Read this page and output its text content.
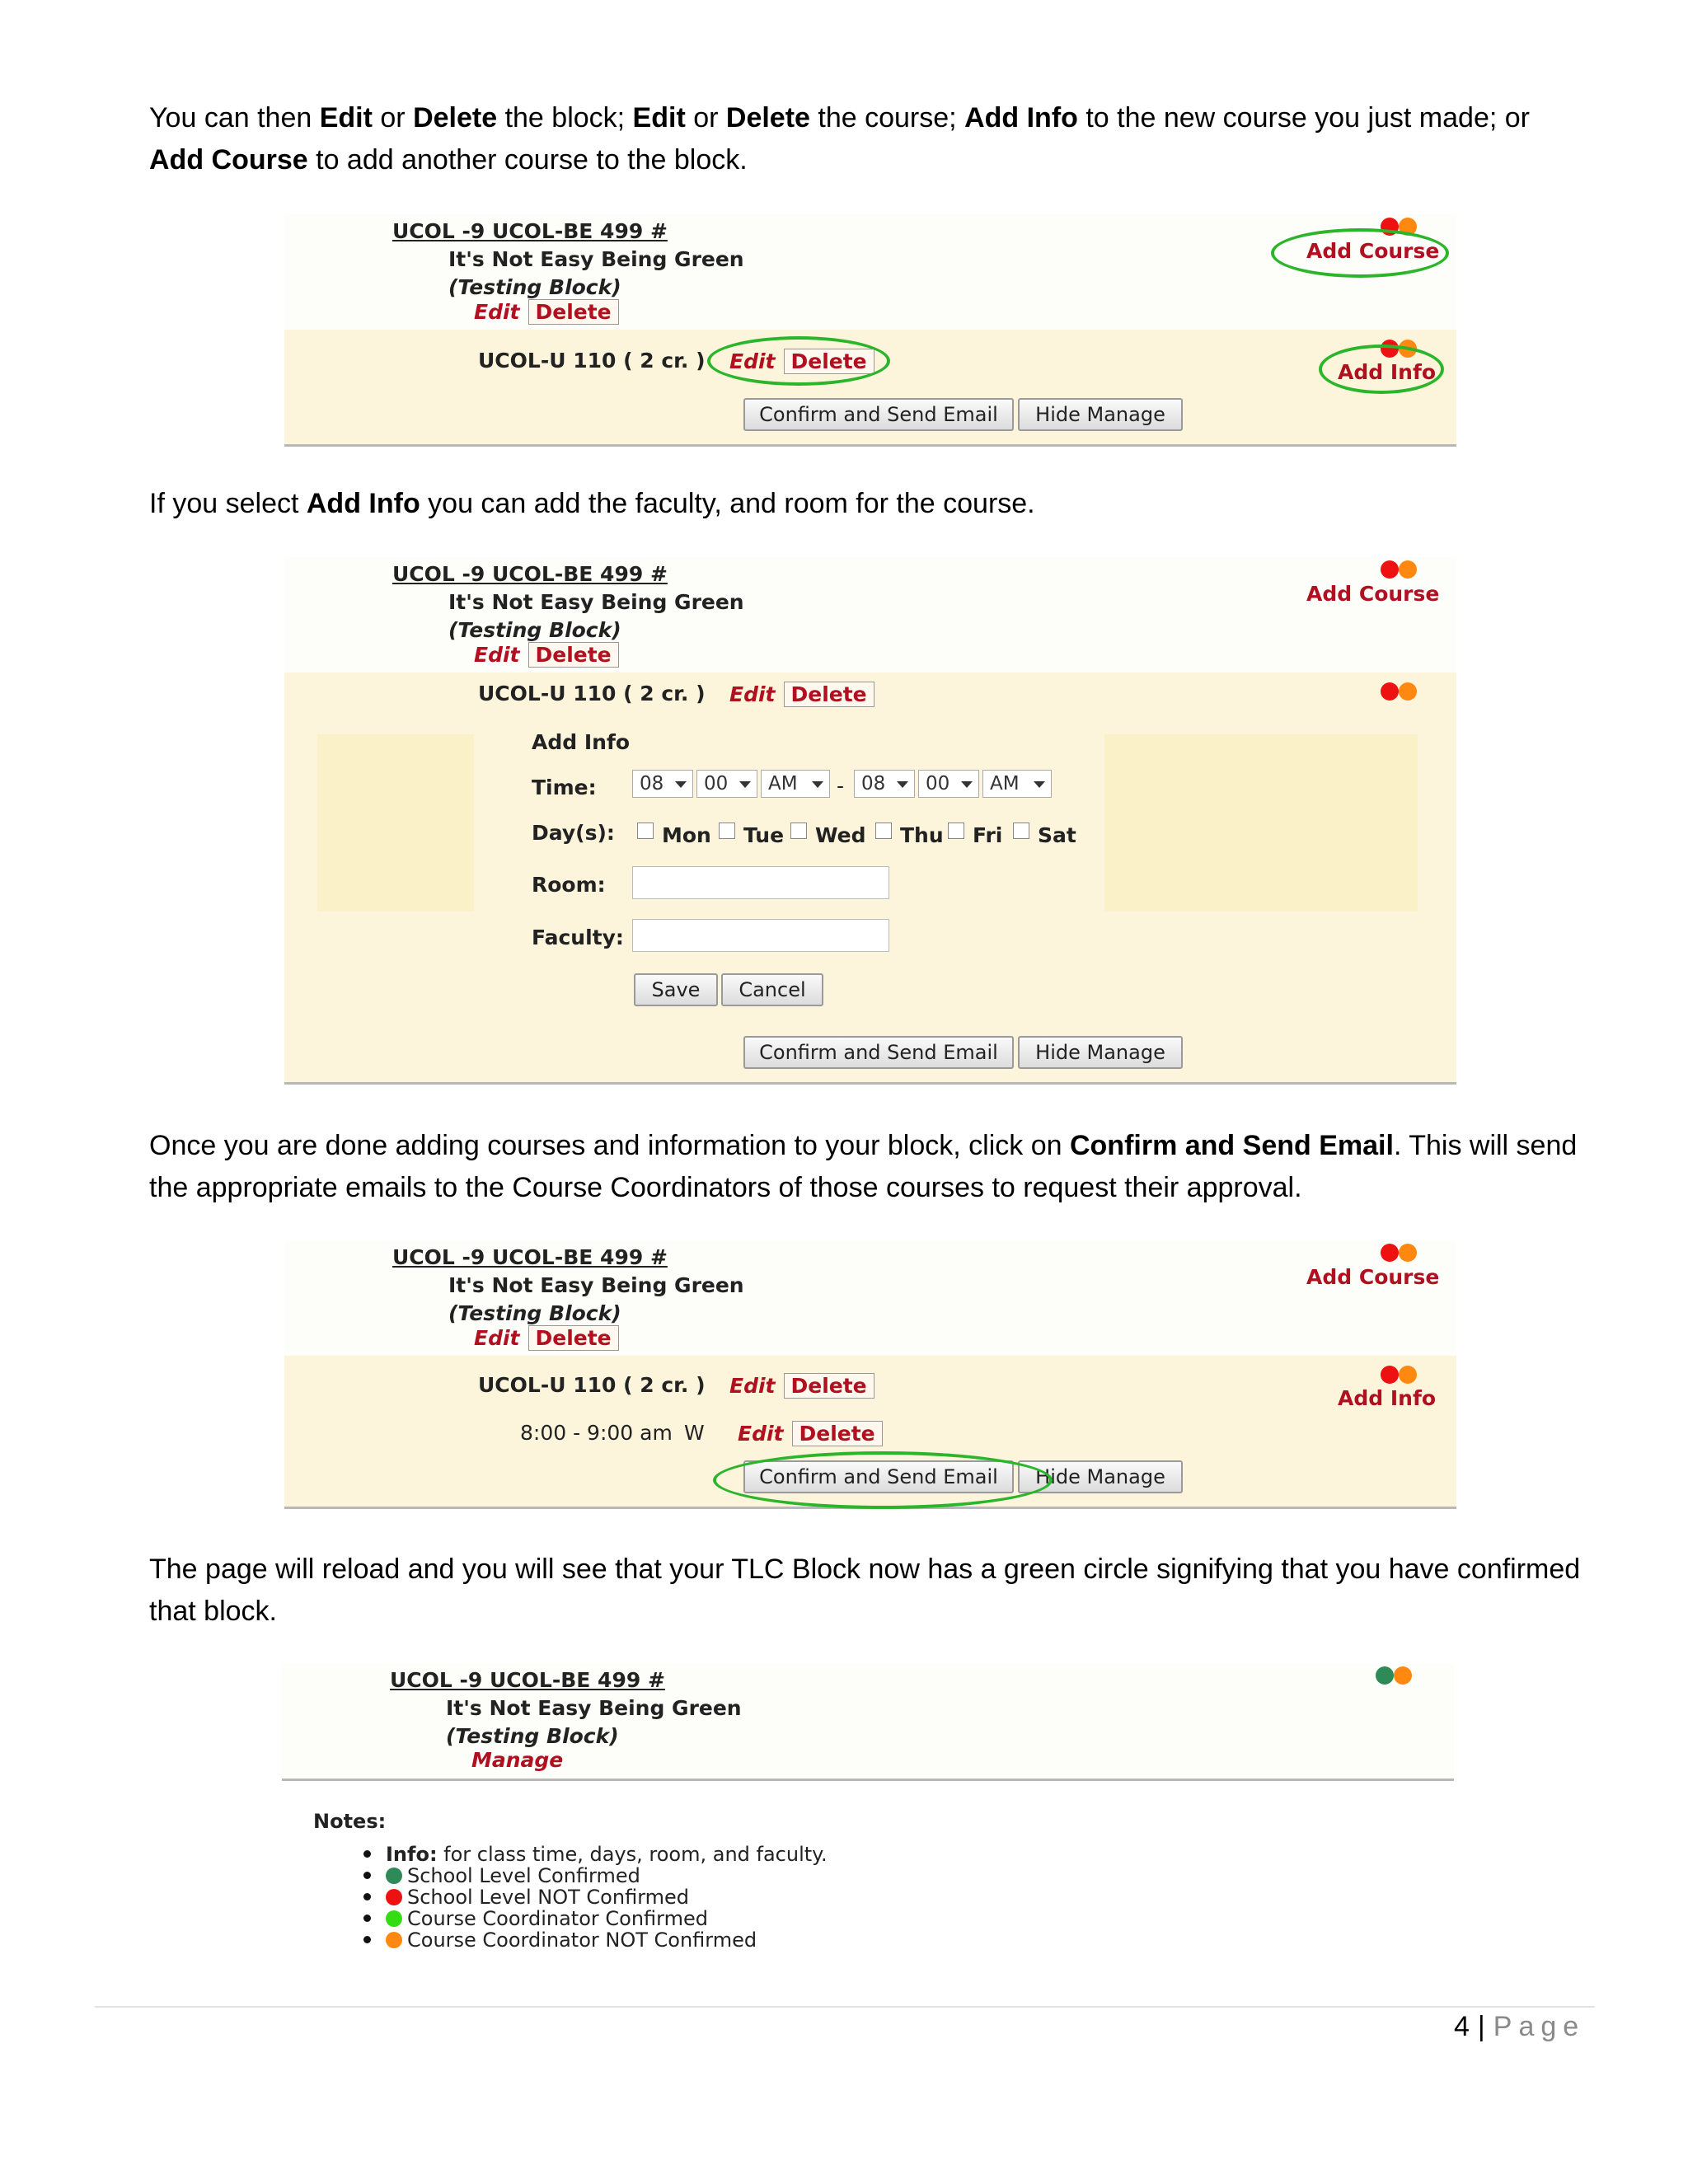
You can then Edit or Delete the block; Edit or Delete the course; Add Info to the new course you just made; or Add Course to add another course to the block.

UCOL -9 UCOL-BE 499 #
It's Not Easy Being Green
(Testing Block)
Edit Delete
Add Course
UCOL-U 110 ( 2 cr. ) Edit Delete	Add Info
Confirm and Send Email	Hide Manage

If you select Add Info you can add the faculty, and room for the course.

UCOL -9 UCOL-BE 499 #
It's Not Easy Being Green
(Testing Block)
Edit Delete
Add Course
UCOL-U 110 ( 2 cr. ) Edit Delete
Add Info
Time: 08 00 AM - 08 00 AM
Day(s): Mon Tue Wed Thu Fri Sat
Room:
Faculty:
Save	Cancel
Confirm and Send Email	Hide Manage

Once you are done adding courses and information to your block, click on Confirm and Send Email. This will send the appropriate emails to the Course Coordinators of those courses to request their approval.

UCOL -9 UCOL-BE 499 #
It's Not Easy Being Green
(Testing Block)
Edit Delete
Add Course
UCOL-U 110 ( 2 cr. ) Edit Delete
Add Info
8:00 - 9:00 am W Edit Delete
Confirm and Send Email	Hide Manage

The page will reload and you will see that your TLC Block now has a green circle signifying that you have confirmed that block.

UCOL -9 UCOL-BE 499 #
It's Not Easy Being Green
(Testing Block)
Manage
Notes:
Info: for class time, days, room, and faculty.
School Level Confirmed
School Level NOT Confirmed
Course Coordinator Confirmed
Course Coordinator NOT Confirmed
4 | Page
